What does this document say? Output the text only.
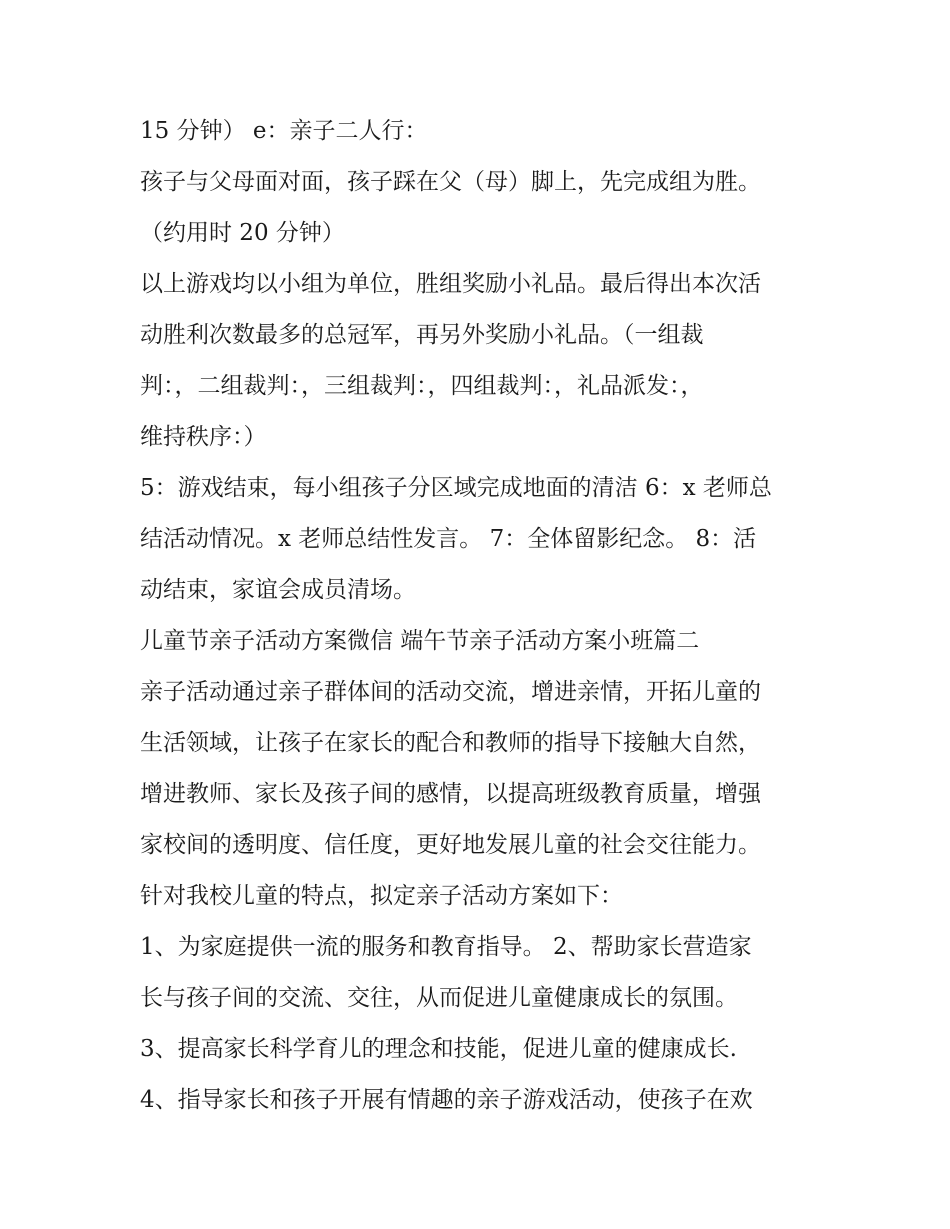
15 分钟） e：亲子二人行：
孩子与父母面对面，孩子踩在父（母）脚上，先完成组为胜。
（约用时 20 分钟）
以上游戏均以小组为单位，胜组奖励小礼品。最后得出本次活
动胜利次数最多的总冠军，再另外奖励小礼品。（一组裁
判：，二组裁判：，三组裁判：，四组裁判：，礼品派发：，
维持秩序：）
5：游戏结束，每小组孩子分区域完成地面的清洁 6：x 老师总
结活动情况。x 老师总结性发言。 7：全体留影纪念。 8：活
动结束，家谊会成员清场。
儿童节亲子活动方案微信 端午节亲子活动方案小班篇二
亲子活动通过亲子群体间的活动交流，增进亲情，开拓儿童的
生活领域，让孩子在家长的配合和教师的指导下接触大自然，
增进教师、家长及孩子间的感情，以提高班级教育质量，增强
家校间的透明度、信任度，更好地发展儿童的社会交往能力。
针对我校儿童的特点，拟定亲子活动方案如下：
1、为家庭提供一流的服务和教育指导。 2、帮助家长营造家
长与孩子间的交流、交往，从而促进儿童健康成长的氛围。
3、提高家长科学育儿的理念和技能，促进儿童的健康成长.
4、指导家长和孩子开展有情趣的亲子游戏活动，使孩子在欢
